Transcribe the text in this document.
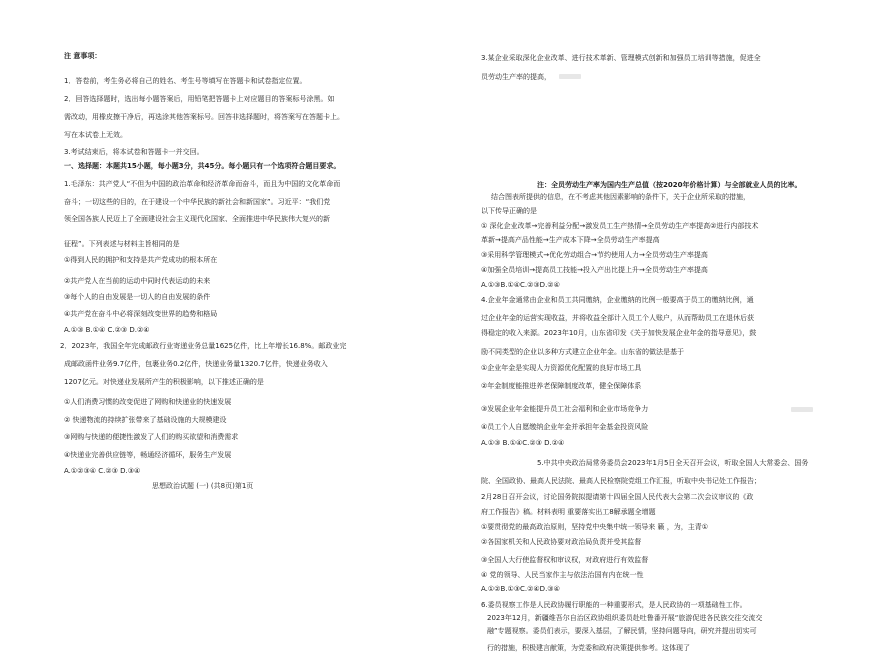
注 意事项：
1．答卷前，考生务必将自己的姓名、考生号等填写在答题卡和试卷指定位置。
2．回答选择题时，选出每小题答案后，用铅笔把答题卡上对应题目的答案标号涂黑。如
需改动，用橡皮擦干净后，再选涂其他答案标号。回答非选择题时，将答案写在答题卡上。
写在本试卷上无效。
3.考试结束后，将本试卷和答题卡一并交回。
一、选择题：本题共15小题，每小题3分，共45分。每小题只有一个选项符合题目要求。
1.毛泽东：共产党人“不但为中国的政治革命和经济革命而奋斗，而且为中国的文化革命而
奋斗；一切这些的目的，在于建设一个中华民族的新社会和新国家”。习近平：“我们党
领全国各族人民迈上了全面建设社会主义现代化国家、全面推进中华民族伟大复兴的新
征程”。下列表述与材料主旨相同的是
①得到人民的拥护和支持是共产党成功的根本所在
②共产党人在当前的运动中同时代表运动的未来
③每个人的自由发展是一切人的自由发展的条件
④共产党在奋斗中必将深刻改变世界的趋势和格局
A.①③ B.①④ C.②③ D.②④
2．2023年，我国全年完成邮政行业寄递业务总量1625亿件，比上年增长16.8%。邮政业完
成邮政函件业务9.7亿件，包裹业务0.2亿件，快递业务量1320.7亿件，快递业务收入
1207亿元。对快递业发展所产生的积极影响，以下推述正确的是
①人们消费习惯的改变促进了网购和快递业的快速发展
② 快递物流的持续扩张带来了基础设施的大规模建设
③网购与快递的便捷性激发了人们的购买欲望和消费需求
④快递业完善供应链等，畅通经济循环，服务生产发展
A.①②③④ C.②③ D.③④
思想政治试题 (一) (共8页)第1页
3.某企业采取深化企业改革、进行技术革新、管理模式创新和加强员工培训等措施，促进全
员劳动生产率的提高，
注：全员劳动生产率为国内生产总值（按2020年价格计算）与全部就业人员的比率。
结合图表所提供的信息，在不考虑其他因素影响的条件下，关于企业所采取的措施，
以下传导正确的是
① 深化企业改革→完善利益分配→激发员工生产热情→全员劳动生产率提高②进行内部技术
革新→提高产品性能→生产成本下降→全员劳动生产率提高
③采用科学管理模式→优化劳动组合→节约使用人力→全员劳动生产率提高
④加强全员培训→提高员工技能→投入产出比提上升→全员劳动生产率提高
A.①③B.①④C.②③D.②④
4.企业年金通常由企业和员工共同缴纳，企业缴纳的比例一般要高于员工的缴纳比例，通
过企业年金的运营实现收益，并将收益全部计入员工个人账户，从而帮助员工在退休后获
得稳定的收入来源。2023年10月，山东省印发《关于加快发展企业年金的指导意见》，鼓
励不同类型的企业以多种方式建立企业年金。山东省的做法是基于
①企业年金是实现人力资源优化配置的良好市场工具
②年金制度能推进养老保障制度改革，健全保障体系
③发展企业年金能提升员工社会福利和企业市场竞争力
④员工个人自愿缴纳企业年金并承担年金基金投资风险
A.①③ B.①④C.②③ D.②④
5.中共中央政治局常务委员会2023年1月5日全天召开会议，听取全国人大常委会、国务
院、全国政协、最高人民法院、最高人民检察院党组工作汇报，听取中央书记处工作报告；
2月28日召开会议，讨论国务院拟提请第十四届全国人民代表大会第二次会议审议的《政
府工作报告》稿。材料表明 重要落实出工8解承题全增题
①要贯彻党的最高政治原则，坚持党中央集中统一领导来 籁 ，为，主青①
②各国家机关和人民政协要对政治局负责并受其监督
③全国人大行使监督权和审议权，对政府进行有效监督
④ 党的领导、人民当家作主与依法治国有内在统一性
A.①②B.①③C.②④D.③④
6.委员视察工作是人民政协履行职能的一种重要形式，是人民政协的一项基础性工作。
2023年12月，新疆维吾尔自治区政协组织委员赴吐鲁番开展“旅游促进各民族交往交流交
融”专题视察。委员们表示，要深入基层，了解民情，坚持问题导向，研究并提出切实可
行的措施，积极建言献策，为党委和政府决策提供参考。这体现了
